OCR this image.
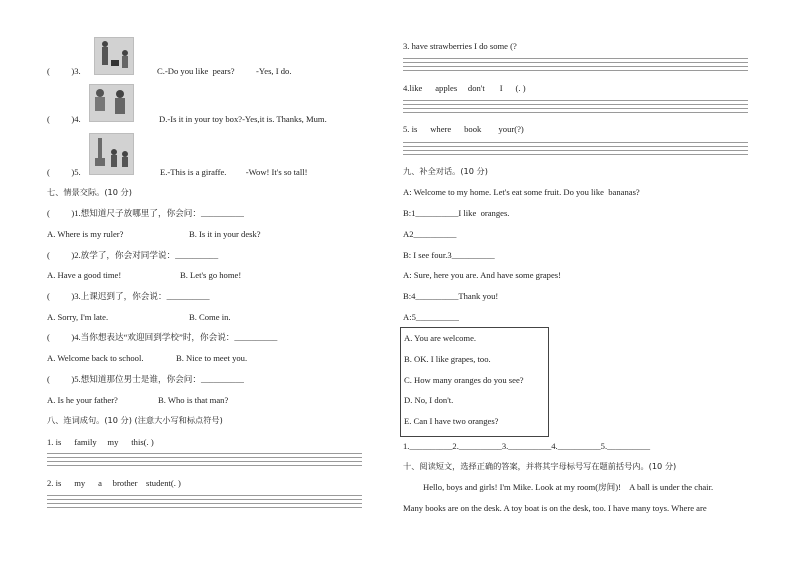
(          )3.	C.-Do you like  pears?          -Yes, I do.
(          )4.	D.-Is it in your toy box?-Yes,it is. Thanks, Mum.
(          )5.	E.-This is a giraffe.         -Wow! It's so tall!
七、情景交际。(10 分)
(          )1.想知道尺子放哪里了，你会问：__________
A. Where is my ruler?	B. Is it in your desk?
(          )2.放学了，你会对同学说：__________
A. Have a good time!	B. Let's go home!
(          )3.上课迟到了，你会说：__________
A. Sorry, I'm late.	B. Come in.
(          )4.当你想表达“欢迎回到学校”时，你会说：__________
A. Welcome back to school.	B. Nice to meet you.
(          )5.想知道那位男士是谁，你会问：__________
A. Is he your father?	B. Who is that man?
八、连词成句。(10 分) (注意大小写和标点符号)
1. is      family     my      this(. )
2. is      my      a     brother    student(. )
3. have strawberries I do some (?
4.like      apples     don't       I      (. )
5. is      where      book        your(?)
九、补全对话。(10 分)
A: Welcome to my home. Let's eat some fruit. Do you like  bananas?
B:1__________I like  oranges.
A2__________
B: I see four.3__________
A: Sure, here you are. And have some grapes!
B:4__________Thank you!
A:5__________
A. You are welcome.
B. OK. I like grapes, too.
C. How many oranges do you see?
D. No, I don't.
E. Can I have two oranges?
1.__________2.__________3.__________4.__________5.__________
十、阅读短文，选择正确的答案，并将其字母标号写在题前括号内。(10 分)
Hello, boys and girls! I'm Mike. Look at my room(房间)!    A ball is under the chair.
Many books are on the desk. A toy boat is on the desk, too. I have many toys. Where are
